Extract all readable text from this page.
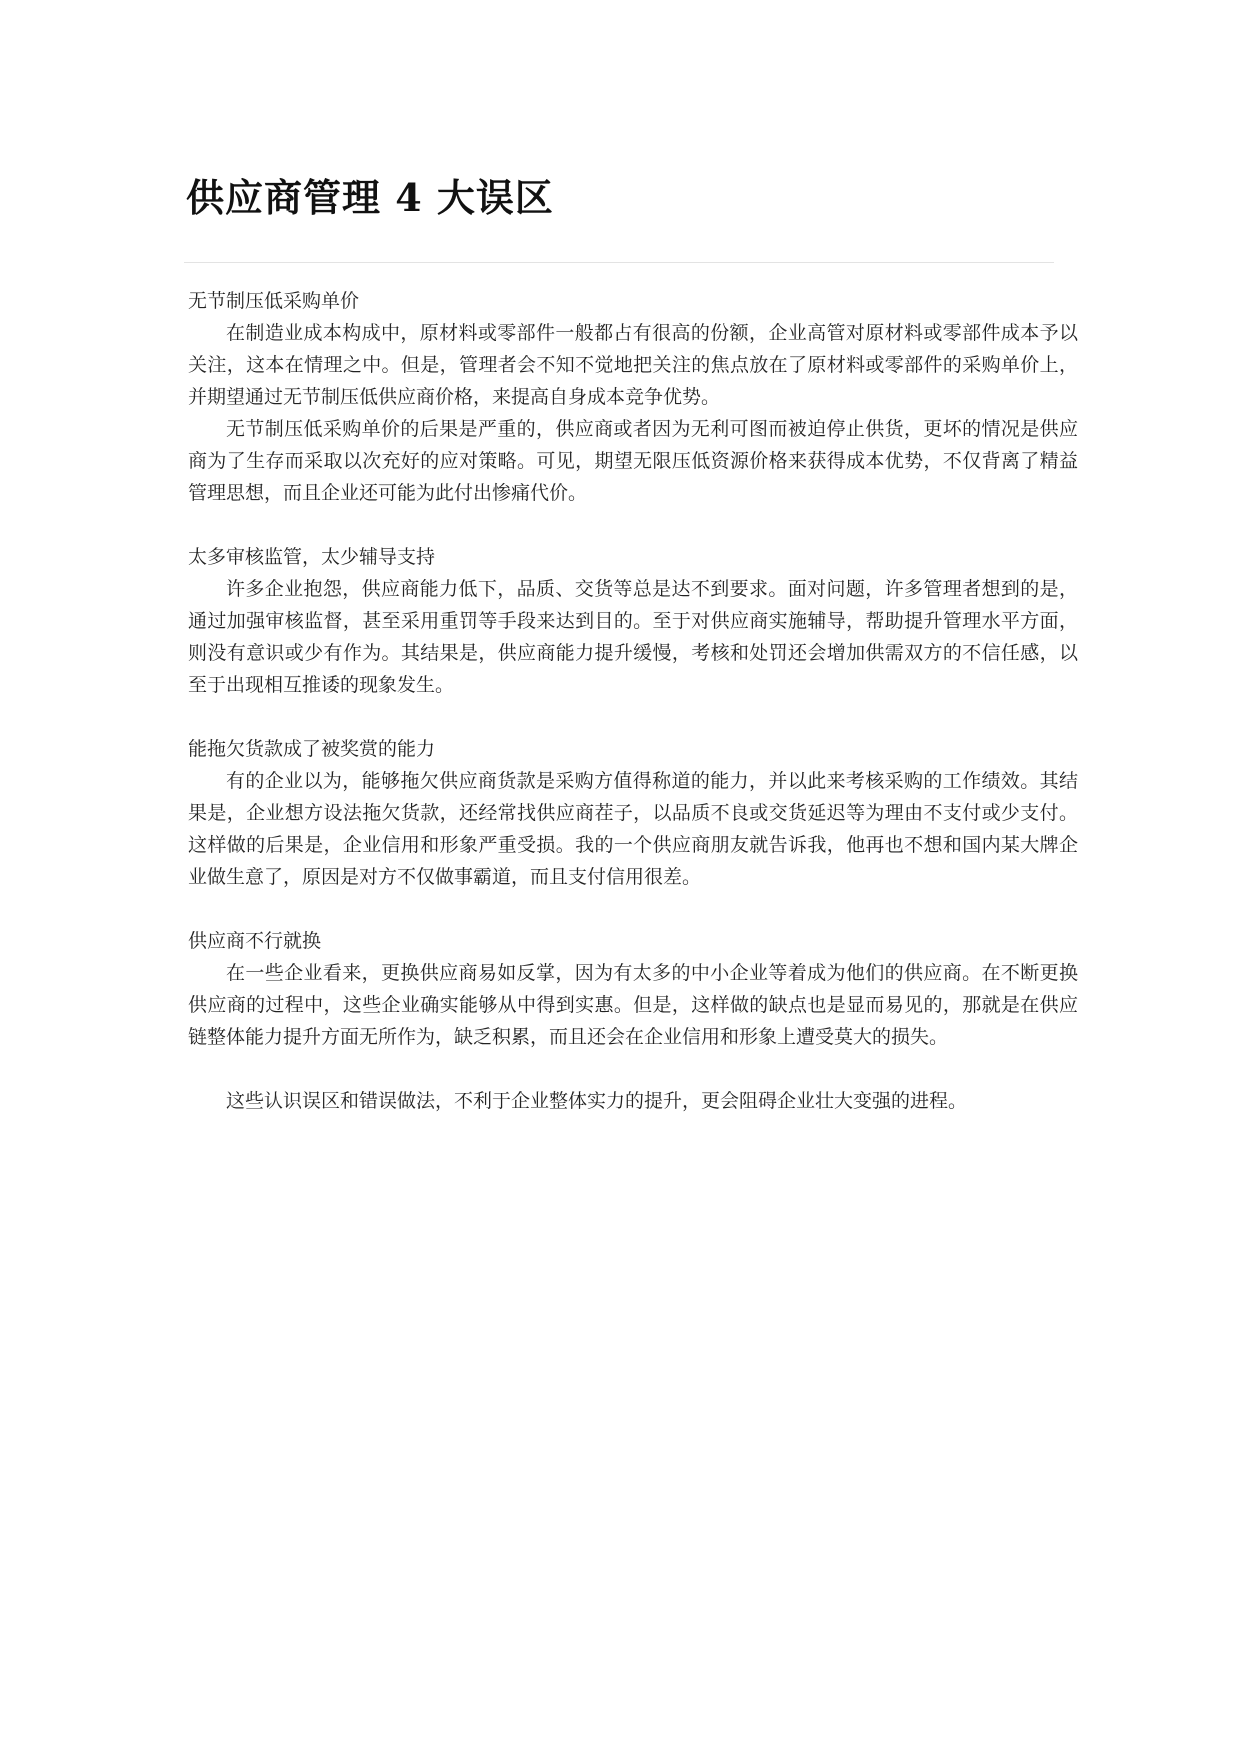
供应商管理 4 大误区
无节制压低采购单价

在制造业成本构成中，原材料或零部件一般都占有很高的份额，企业高管对原材料或零部件成本予以关注，这本在情理之中。但是，管理者会不知不觉地把关注的焦点放在了原材料或零部件的采购单价上，并期望通过无节制压低供应商价格，来提高自身成本竞争优势。

无节制压低采购单价的后果是严重的，供应商或者因为无利可图而被迫停止供货，更坏的情况是供应商为了生存而采取以次充好的应对策略。可见，期望无限压低资源价格来获得成本优势，不仅背离了精益管理思想，而且企业还可能为此付出惨痛代价。

太多审核监管，太少辅导支持

许多企业抱怨，供应商能力低下，品质、交货等总是达不到要求。面对问题，许多管理者想到的是，通过加强审核监督，甚至采用重罚等手段来达到目的。至于对供应商实施辅导，帮助提升管理水平方面，则没有意识或少有作为。其结果是，供应商能力提升缓慢，考核和处罚还会增加供需双方的不信任感，以至于出现相互推诿的现象发生。

能拖欠货款成了被奖赏的能力

有的企业以为，能够拖欠供应商货款是采购方值得称道的能力，并以此来考核采购的工作绩效。其结果是，企业想方设法拖欠货款，还经常找供应商茬子，以品质不良或交货延迟等为理由不支付或少支付。这样做的后果是，企业信用和形象严重受损。我的一个供应商朋友就告诉我，他再也不想和国内某大牌企业做生意了，原因是对方不仅做事霸道，而且支付信用很差。

供应商不行就换

在一些企业看来，更换供应商易如反掌，因为有太多的中小企业等着成为他们的供应商。在不断更换供应商的过程中，这些企业确实能够从中得到实惠。但是，这样做的缺点也是显而易见的，那就是在供应链整体能力提升方面无所作为，缺乏积累，而且还会在企业信用和形象上遭受莫大的损失。

这些认识误区和错误做法，不利于企业整体实力的提升，更会阻碍企业壮大变强的进程。
